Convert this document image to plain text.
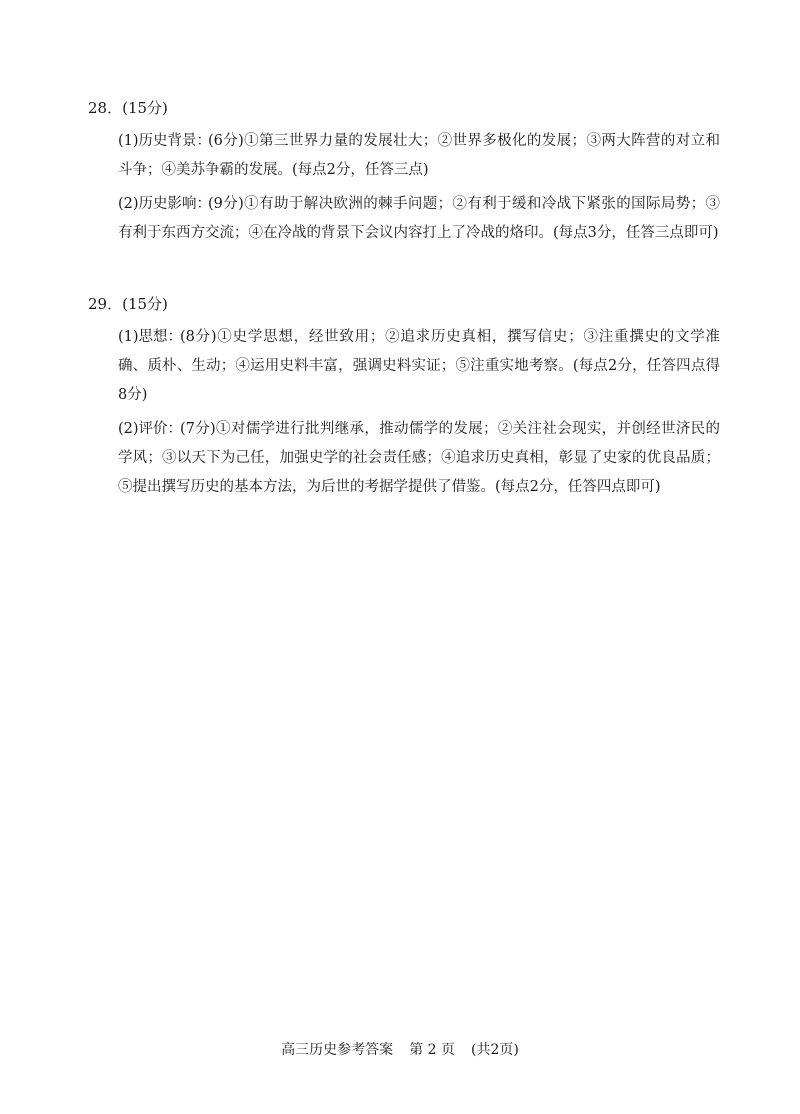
28．(15分)
(1)历史背景：
(6分)①第三世界力量的发展壮大；②世界多极化的发展；③两大阵营的对立和斗争；④美苏争霸的发展。(每点2分，任答三点)
(2)历史影响：
(9分)①有助于解决欧洲的棘手问题；②有利于缓和冷战下紧张的国际局势；③有利于东西方交流；④在冷战的背景下会议内容打上了冷战的烙印。(每点3分，任答三点即可)
29．(15分)
(1)思想：
(8分)①史学思想，经世致用；②追求历史真相，撰写信史；③注重撰史的文学准确、质朴、生动；④运用史料丰富，强调史料实证；⑤注重实地考察。(每点2分，任答四点得8分)
(2)评价：
(7分)①对儒学进行批判继承，推动儒学的发展；②关注社会现实，并创经世济民的学风；③以天下为己任，加强史学的社会责任感；④追求历史真相，彰显了史家的优良品质；⑤提出撰写历史的基本方法，为后世的考据学提供了借鉴。(每点2分，任答四点即可)
高三历史参考答案 第 2 页 (共2页)
